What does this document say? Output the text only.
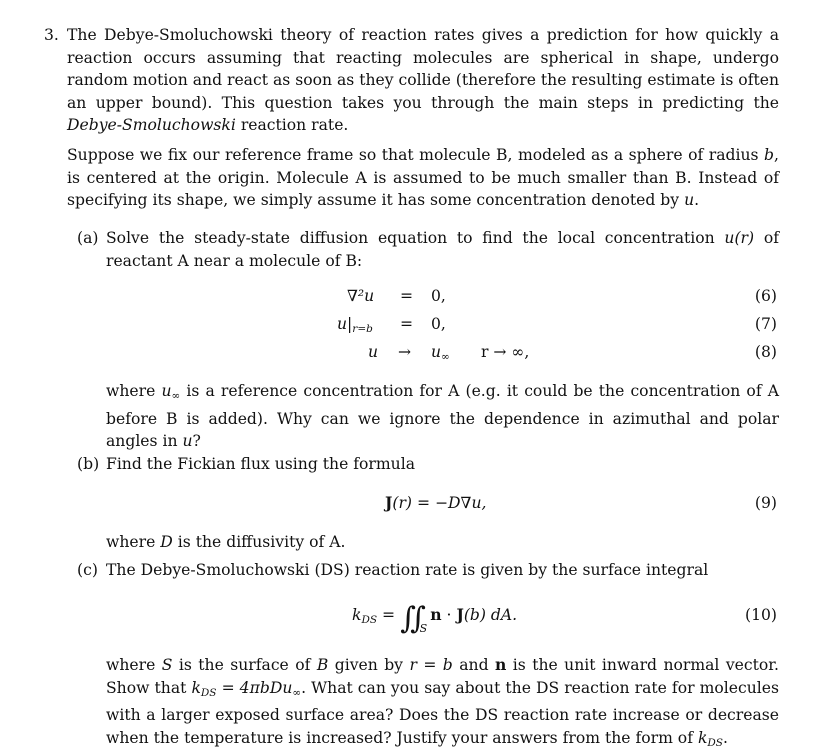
3. The Debye-Smoluchowski theory of reaction rates gives a prediction for how quickly a reaction occurs assuming that reacting molecules are spherical in shape, undergo random motion and react as soon as they collide (therefore the resulting estimate is often an upper bound). This question takes you through the main steps in predicting the Debye-Smoluchowski reaction rate.
Suppose we fix our reference frame so that molecule B, modeled as a sphere of radius b, is centered at the origin. Molecule A is assumed to be much smaller than B. Instead of specifying its shape, we simply assume it has some concentration denoted by u.
(a) Solve the steady-state diffusion equation to find the local concentration u(r) of reactant A near a molecule of B:
∇²u = 0,	(6)
$u|_{r=b} = 0$,	(7)
$u \to u_\infty$ r → ∞,	(8)
where $u_\infty$ is a reference concentration for A (e.g. it could be the concentration of A before B is added). Why can we ignore the dependence in azimuthal and polar angles in u?
(b) Find the Fickian flux using the formula
J(r) = −D∇u,	(9)
where D is the diffusivity of A.
(c) The Debye-Smoluchowski (DS) reaction rate is given by the surface integral
$k_{DS}$ = ∬ $_S$n · J(b) dA.	(10)
where S is the surface of B given by r = b and n is the unit inward normal vector. Show that $k_{DS} = 4\pi bDu_\infty$. What can you say about the DS reaction rate for molecules with a larger exposed surface area? Does the DS reaction rate increase or decrease when the temperature is increased? Justify your answers from the form of $k_{DS}$.
